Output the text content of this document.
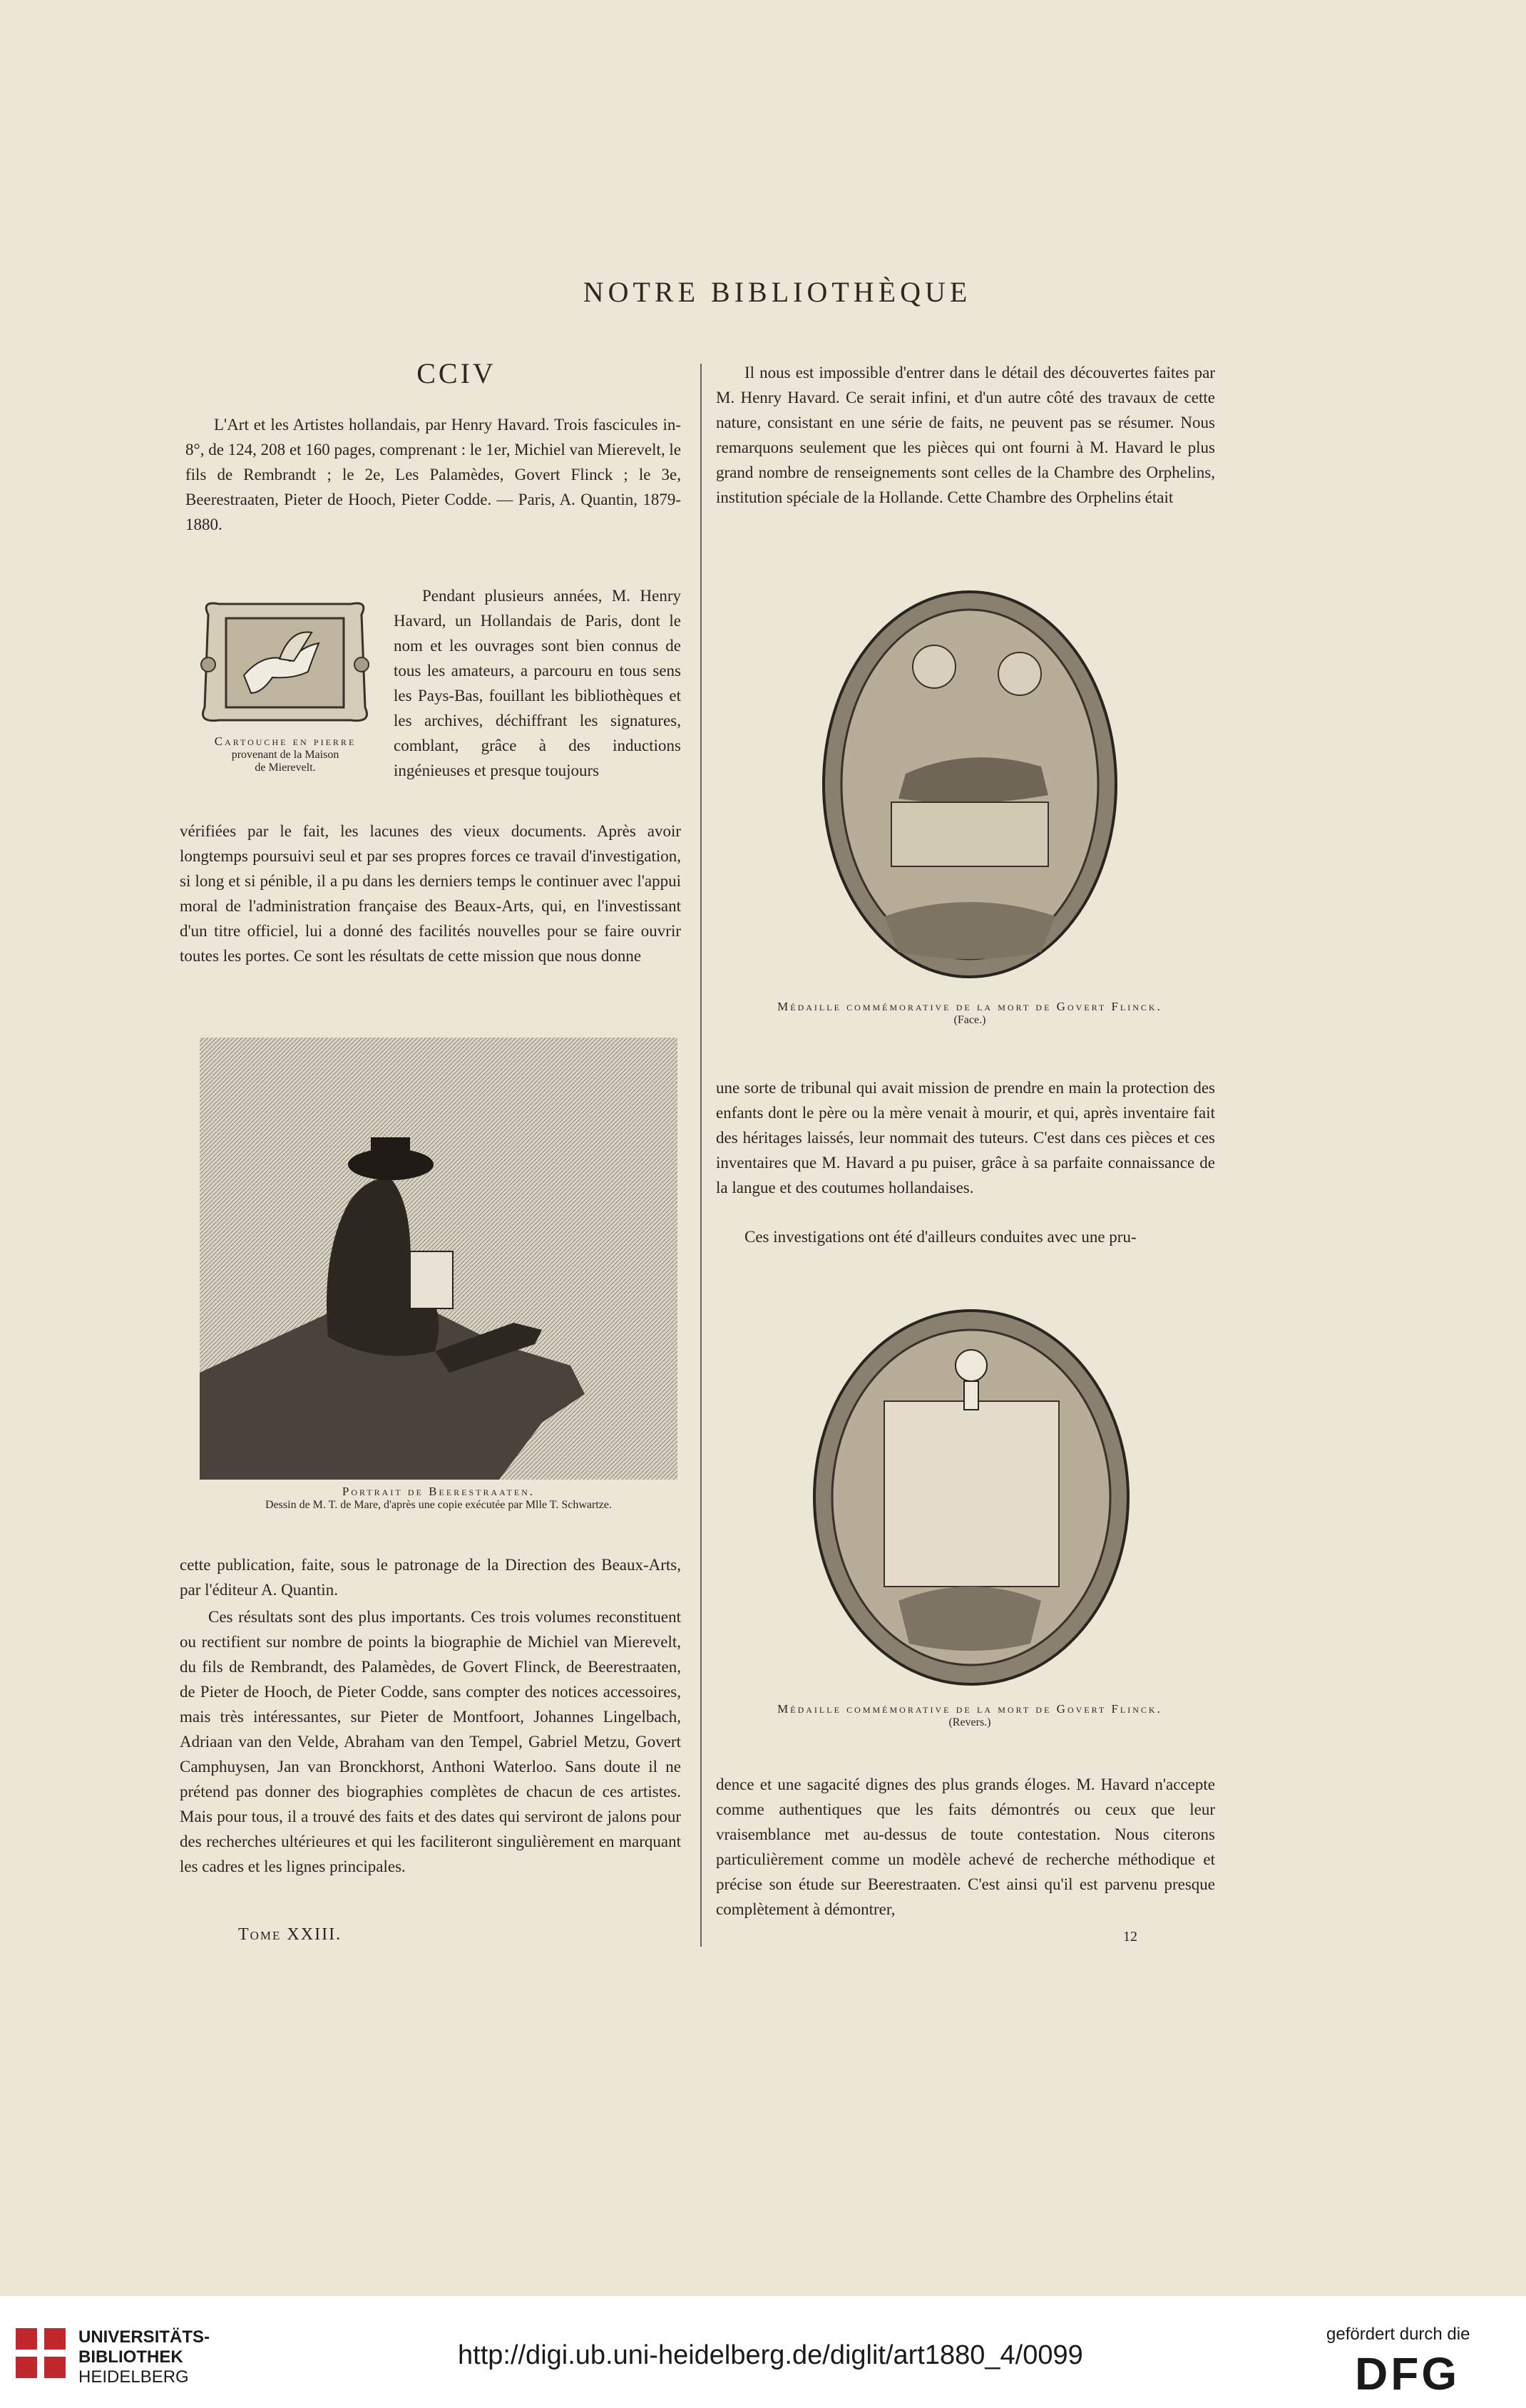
NOTRE BIBLIOTHÈQUE
CCIV

L'Art et les Artistes hollandais, par Henry Havard. Trois fascicules in-8°, de 124, 208 et 160 pages, comprenant : le 1er, Michiel van Mierevelt, le fils de Rembrandt ; le 2e, Les Palamèdes, Govert Flinck ; le 3e, Beerestraaten, Pieter de Hooch, Pieter Codde. — Paris, A. Quantin, 1879-1880.

Cartouche en pierre
provenant de la Maison
de Mierevelt.

Pendant plusieurs années, M. Henry Havard, un Hollandais de Paris, dont le nom et les ouvrages sont bien connus de tous les amateurs, a parcouru en tous sens les Pays-Bas, fouillant les bibliothèques et les archives, déchiffrant les signatures, comblant, grâce à des inductions ingénieuses et presque toujours

vérifiées par le fait, les lacunes des vieux documents. Après avoir longtemps poursuivi seul et par ses propres forces ce travail d'investigation, si long et si pénible, il a pu dans les derniers temps le continuer avec l'appui moral de l'administration française des Beaux-Arts, qui, en l'investissant d'un titre officiel, lui a donné des facilités nouvelles pour se faire ouvrir toutes les portes. Ce sont les résultats de cette mission que nous donne

Portrait de Beerestraaten.
Dessin de M. T. de Mare, d'après une copie exécutée par Mlle T. Schwartze.

cette publication, faite, sous le patronage de la Direction des Beaux-Arts, par l'éditeur A. Quantin.

Ces résultats sont des plus importants. Ces trois volumes reconstituent ou rectifient sur nombre de points la biographie de Michiel van Mierevelt, du fils de Rembrandt, des Palamèdes, de Govert Flinck, de Beerestraaten, de Pieter de Hooch, de Pieter Codde, sans compter des notices accessoires, mais très intéressantes, sur Pieter de Montfoort, Johannes Lingelbach, Adriaan van den Velde, Abraham van den Tempel, Gabriel Metzu, Govert Camphuysen, Jan van Bronckhorst, Anthoni Waterloo. Sans doute il ne prétend pas donner des biographies complètes de chacun de ces artistes. Mais pour tous, il a trouvé des faits et des dates qui serviront de jalons pour des recherches ultérieures et qui les faciliteront singulièrement en marquant les cadres et les lignes principales.

Tome XXIII.

Il nous est impossible d'entrer dans le détail des découvertes faites par M. Henry Havard. Ce serait infini, et d'un autre côté des travaux de cette nature, consistant en une série de faits, ne peuvent pas se résumer. Nous remarquons seulement que les pièces qui ont fourni à M. Havard le plus grand nombre de renseignements sont celles de la Chambre des Orphelins, institution spéciale de la Hollande. Cette Chambre des Orphelins était

Médaille commémorative de la mort de Govert Flinck.
(Face.)

une sorte de tribunal qui avait mission de prendre en main la protection des enfants dont le père ou la mère venait à mourir, et qui, après inventaire fait des héritages laissés, leur nommait des tuteurs. C'est dans ces pièces et ces inventaires que M. Havard a pu puiser, grâce à sa parfaite connaissance de la langue et des coutumes hollandaises.

Ces investigations ont été d'ailleurs conduites avec une pru-

Médaille commémorative de la mort de Govert Flinck.
(Revers.)

dence et une sagacité dignes des plus grands éloges. M. Havard n'accepte comme authentiques que les faits démontrés ou ceux que leur vraisemblance met au-dessus de toute contestation. Nous citerons particulièrement comme un modèle achevé de recherche méthodique et précise son étude sur Beerestraaten. C'est ainsi qu'il est parvenu presque complètement à démontrer,

12
UNIVERSITÄTS-
BIBLIOTHEK
HEIDELBERG
http://digi.ub.uni-heidelberg.de/diglit/art1880_4/0099
gefördert durch die
DFG
